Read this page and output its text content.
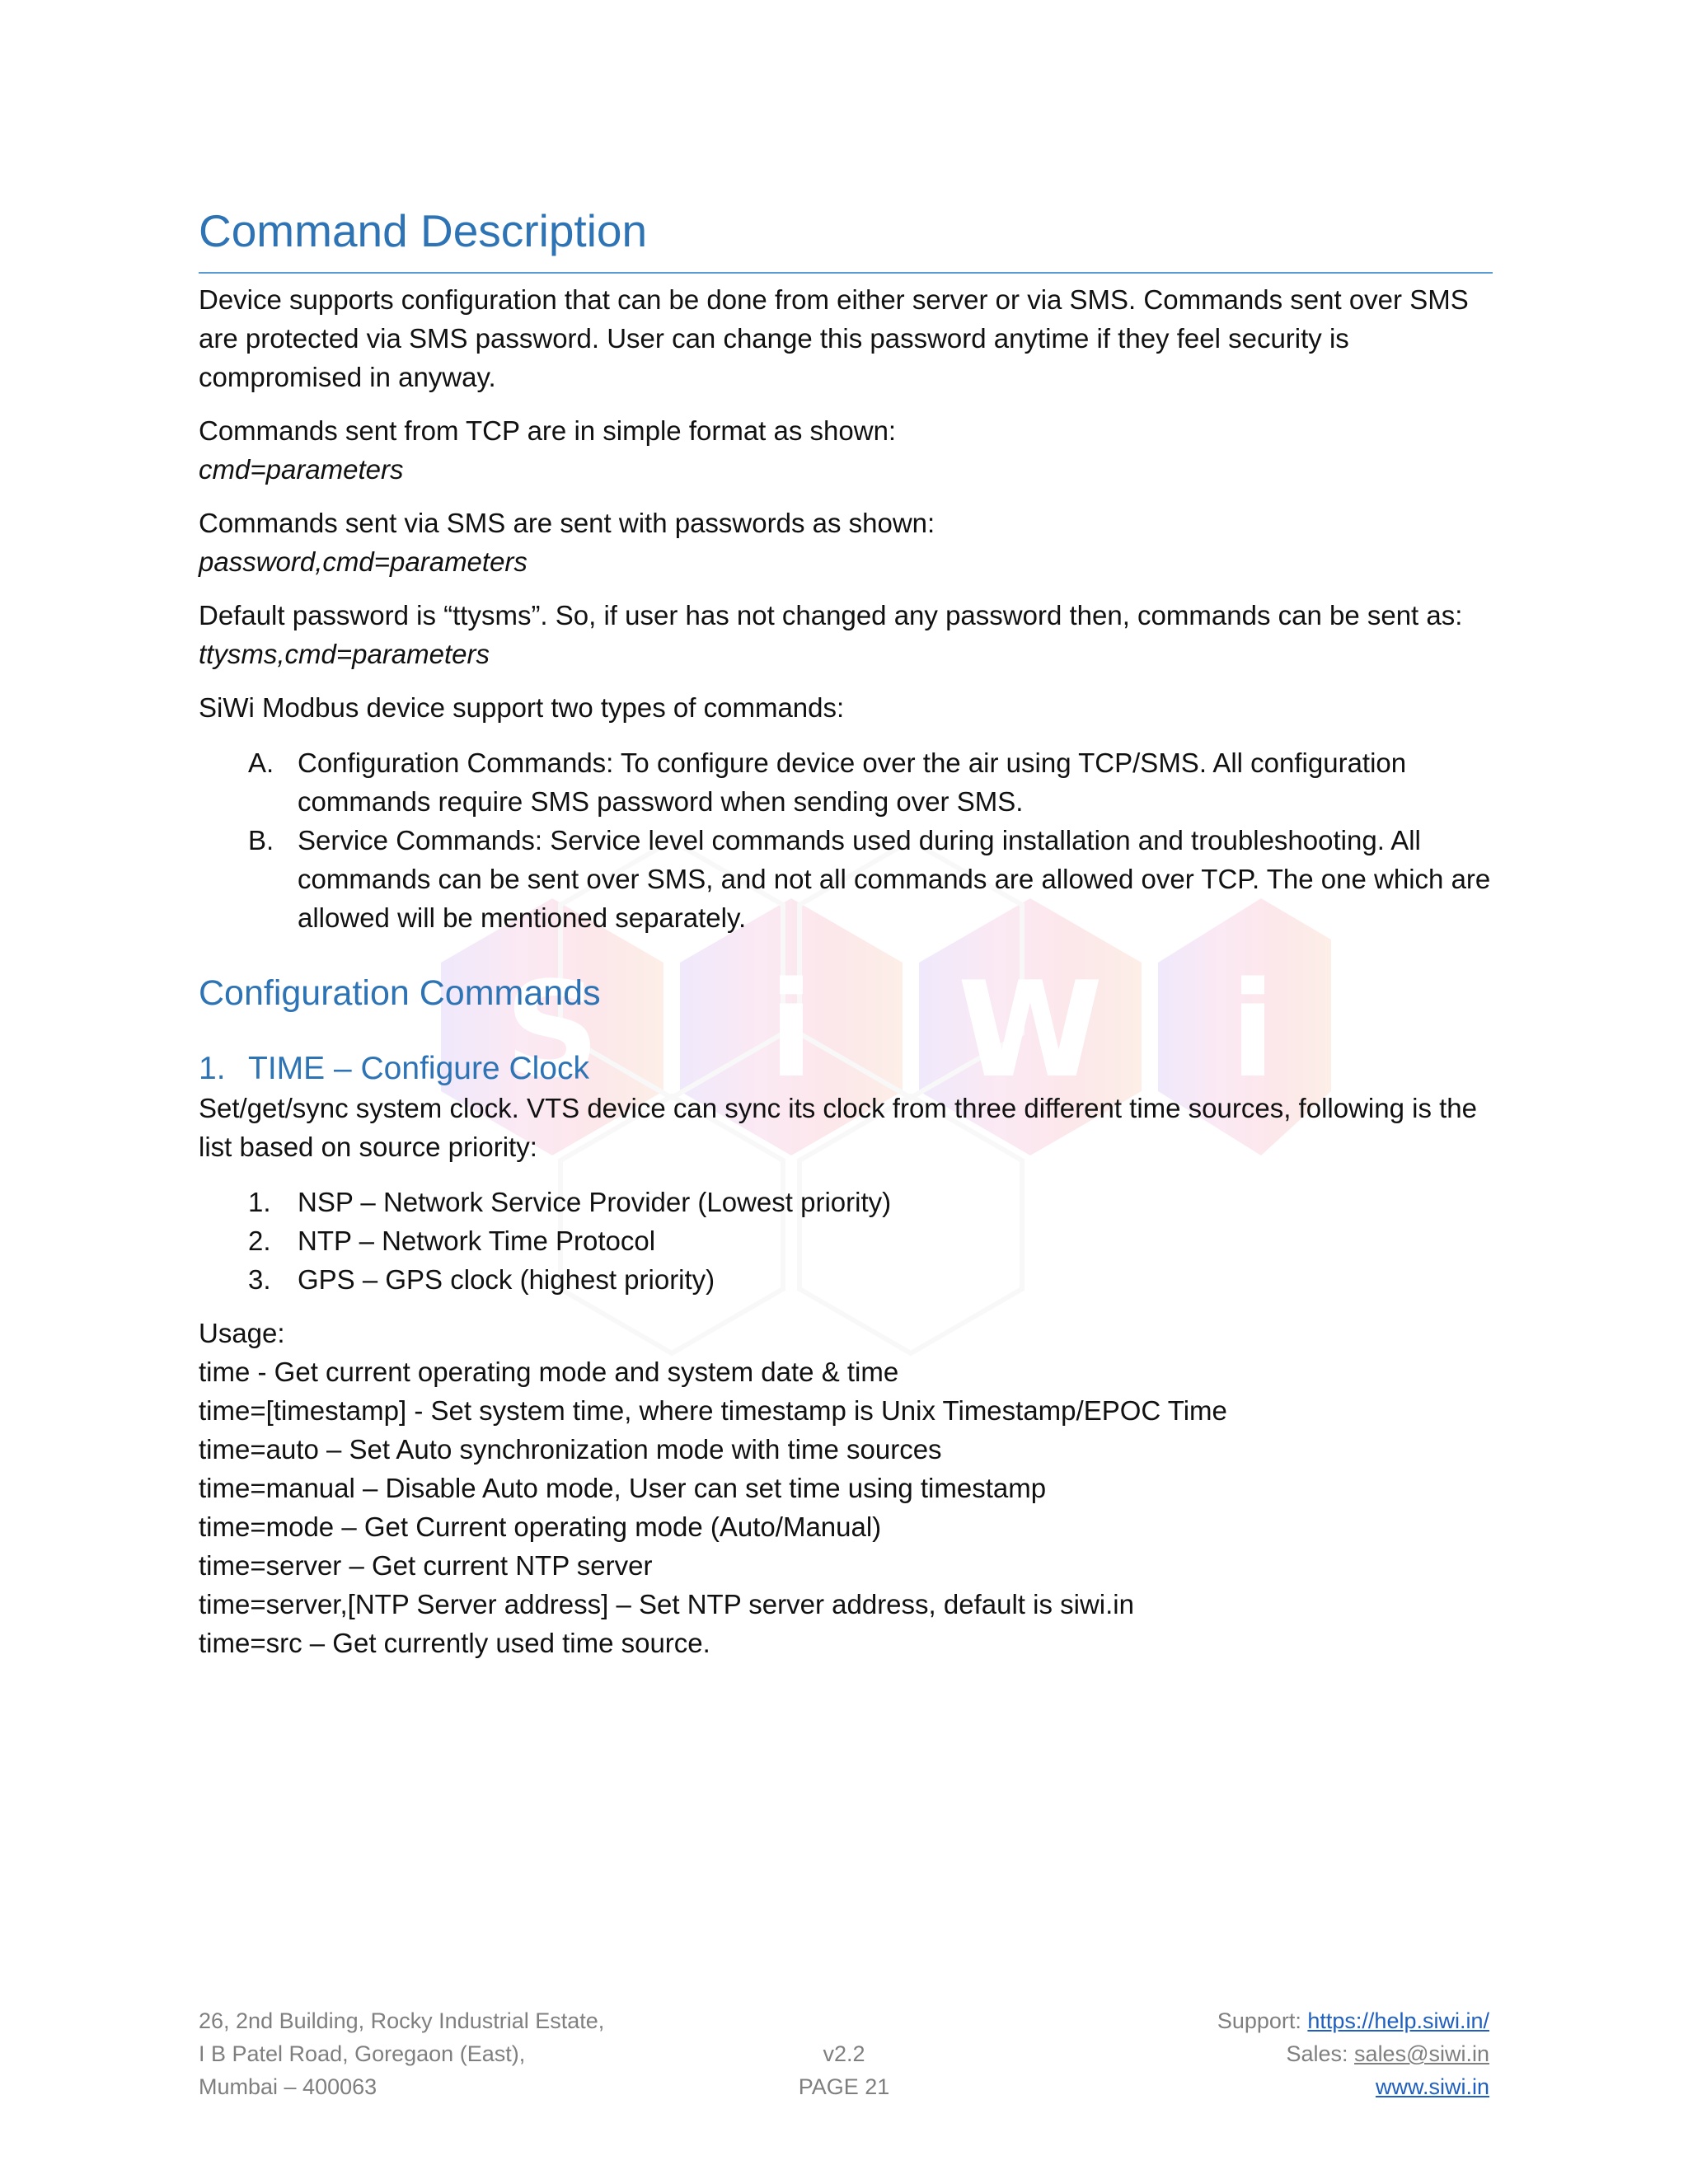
S i W i
Command Description

Device supports configuration that can be done from either server or via SMS. Commands sent over SMS are protected via SMS password. User can change this password anytime if they feel security is compromised in anyway.

Commands sent from TCP are in simple format as shown:

cmd=parameters

Commands sent via SMS are sent with passwords as shown:

password,cmd=parameters

Default password is “ttysms”. So, if user has not changed any password then, commands can be sent as:

ttysms,cmd=parameters

SiWi Modbus device support two types of commands:

A. Configuration Commands: To configure device over the air using TCP/SMS. All configuration commands require SMS password when sending over SMS.
B. Service Commands: Service level commands used during installation and troubleshooting. All commands can be sent over SMS, and not all commands are allowed over TCP. The one which are allowed will be mentioned separately.
Configuration Commands
1. TIME – Configure Clock

Set/get/sync system clock. VTS device can sync its clock from three different time sources, following is the list based on source priority:

1. NSP – Network Service Provider (Lowest priority)
2. NTP – Network Time Protocol
3. GPS – GPS clock (highest priority)

Usage:

time - Get current operating mode and system date & time

time=[timestamp] - Set system time, where timestamp is Unix Timestamp/EPOC Time

time=auto – Set Auto synchronization mode with time sources

time=manual – Disable Auto mode, User can set time using timestamp

time=mode – Get Current operating mode (Auto/Manual)

time=server – Get current NTP server

time=server,[NTP Server address] – Set NTP server address, default is siwi.in

time=src – Get currently used time source.

26, 2nd Building, Rocky Industrial Estate,
I B Patel Road, Goregaon (East),
Mumbai – 400063
v2.2
PAGE 21
Support: https://help.siwi.in/
Sales: sales@siwi.in
www.siwi.in
